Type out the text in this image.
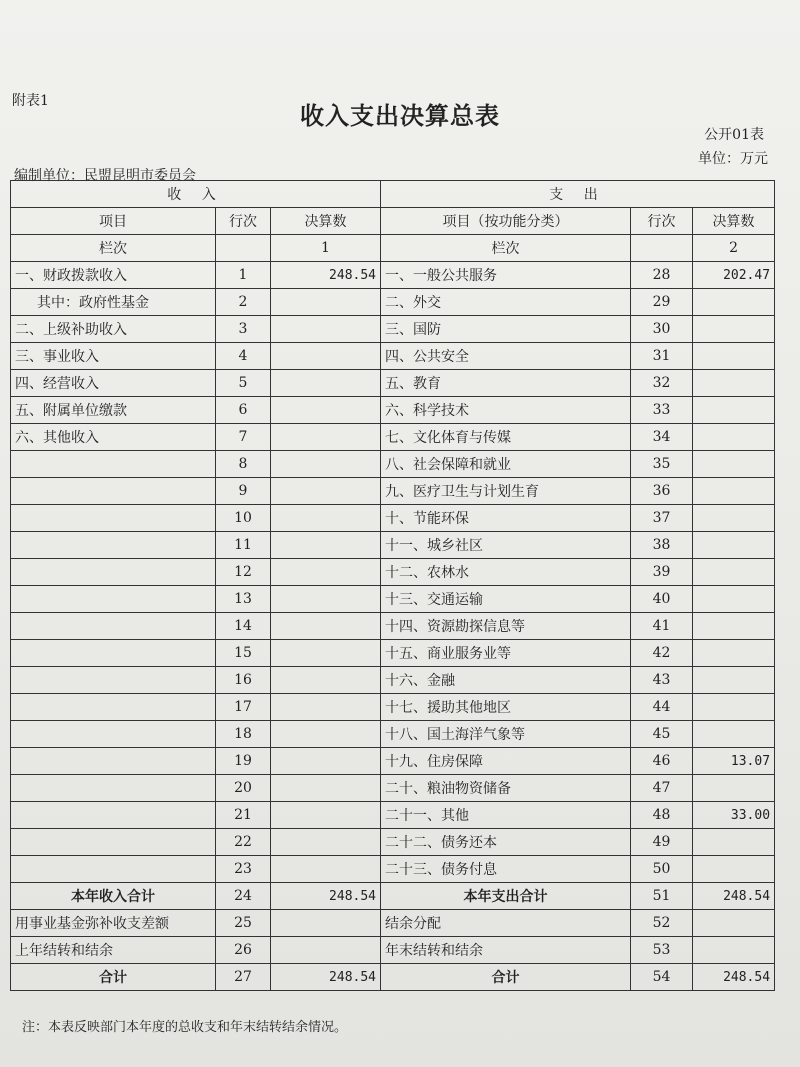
附表1	收入支出决算总表
公开01表
单位：万元
编制单位：民盟昆明市委员会
收 入			支 出		
项目	行次	决算数	项目（按功能分类）	行次	决算数
栏次		1	栏次		2
一、财政拨款收入	1	248.54	一、一般公共服务	28	202.47
其中：政府性基金	2		二、外交	29	
二、上级补助收入	3		三、国防	30	
三、事业收入	4		四、公共安全	31	
四、经营收入	5		五、教育	32	
五、附属单位缴款	6		六、科学技术	33	
六、其他收入	7		七、文化体育与传媒	34	
	8		八、社会保障和就业	35	
	9		九、医疗卫生与计划生育	36	
	10		十、节能环保	37	
	11		十一、城乡社区	38	
	12		十二、农林水	39	
	13		十三、交通运输	40	
	14		十四、资源勘探信息等	41	
	15		十五、商业服务业等	42	
	16		十六、金融	43	
	17		十七、援助其他地区	44	
	18		十八、国土海洋气象等	45	
	19		十九、住房保障	46	13.07
	20		二十、粮油物资储备	47	
	21		二十一、其他	48	33.00
	22		二十二、债务还本	49	
	23		二十三、债务付息	50	
本年收入合计	24	248.54	本年支出合计	51	248.54
用事业基金弥补收支差额	25		结余分配	52	
上年结转和结余	26		年末结转和结余	53	
合计	27	248.54	合计	54	248.54
注：本表反映部门本年度的总收支和年末结转结余情况。
